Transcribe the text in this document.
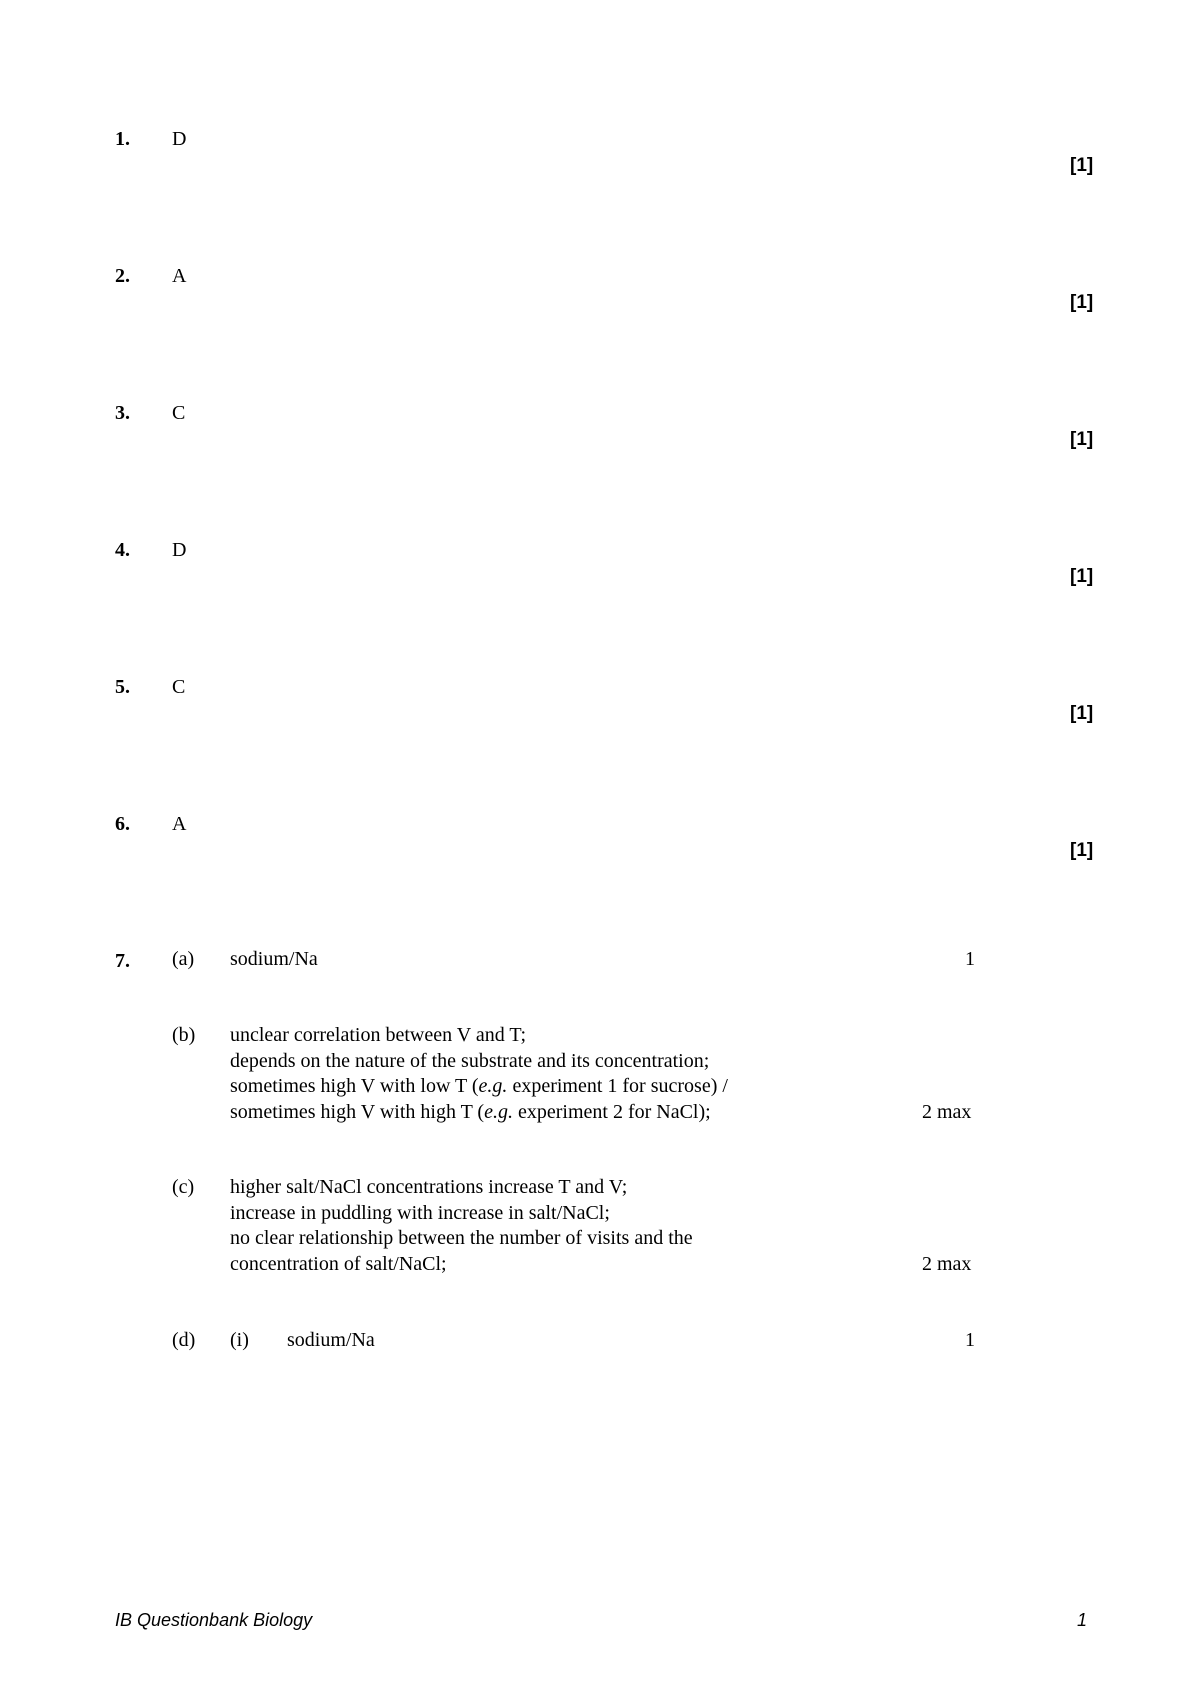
1. D
[1]
2. A
[1]
3. C
[1]
4. D
[1]
5. C
[1]
6. A
[1]
7. (a) sodium/Na	1
(b) unclear correlation between V and T;
depends on the nature of the substrate and its concentration;
sometimes high V with low T (e.g. experiment 1 for sucrose) /
sometimes high V with high T (e.g. experiment 2 for NaCl);	2 max
(c) higher salt/NaCl concentrations increase T and V;
increase in puddling with increase in salt/NaCl;
no clear relationship between the number of visits and the
concentration of salt/NaCl;	2 max
(d) (i) sodium/Na	1
IB Questionbank Biology	1
